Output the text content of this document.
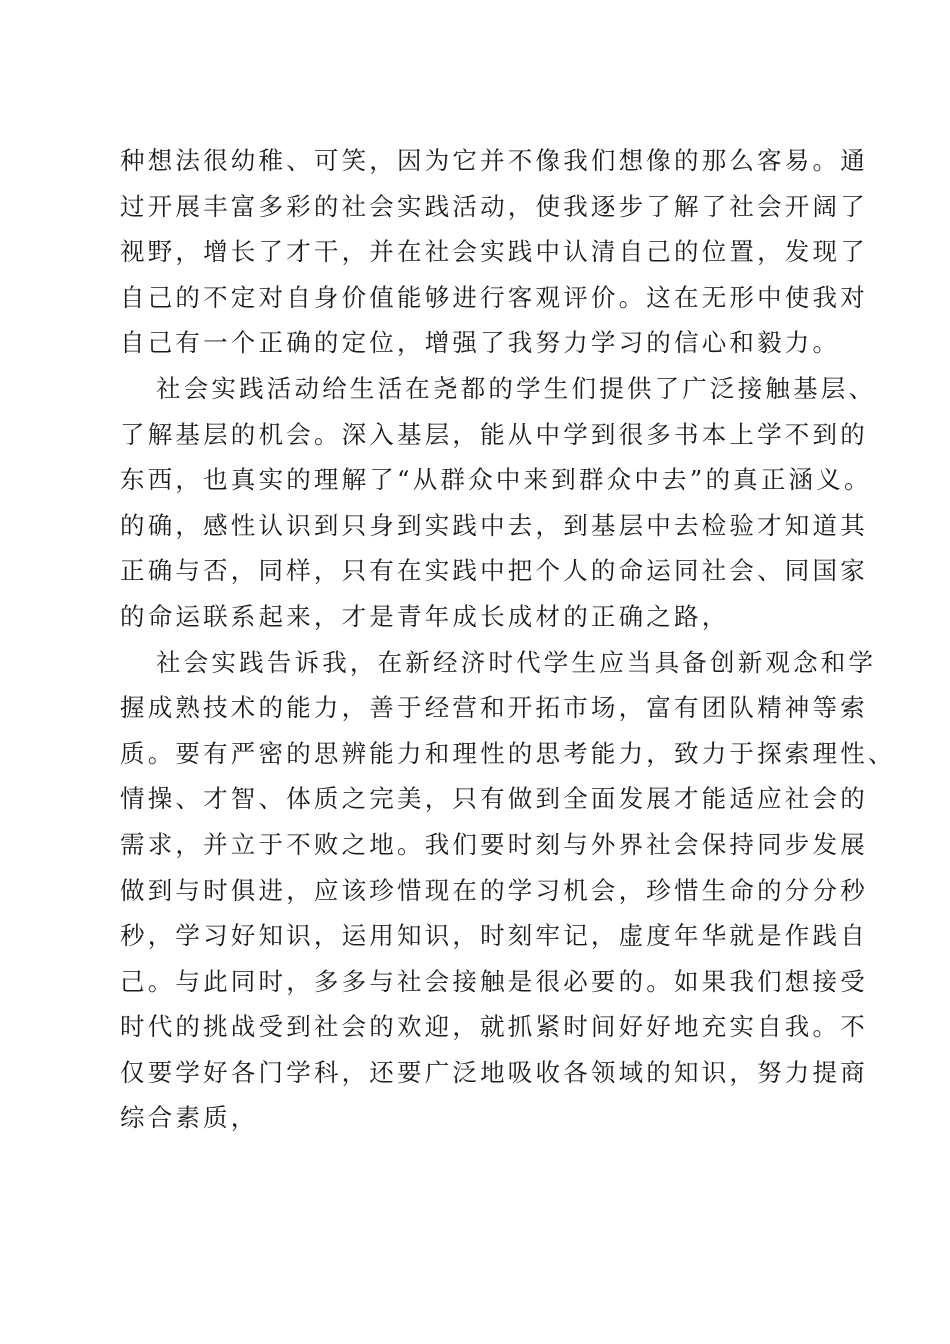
种想法很幼稚、可笑，因为它并不像我们想像的那么客易。通
过开展丰富多彩的社会实践活动，使我逐步了解了社会开阔了
视野，增长了才干，并在社会实践中认清自己的位置，发现了
自己的不定对自身价值能够进行客观评价。这在无形中使我对
自己有一个正确的定位，增强了我努力学习的信心和毅力。
社会实践活动给生活在尧都的学生们提供了广泛接触基层、
了解基层的机会。深入基层，能从中学到很多书本上学不到的
东西，也真实的理解了“从群众中来到群众中去”的真正涵义。
的确，感性认识到只身到实践中去，到基层中去检验才知道其
正确与否，同样，只有在实践中把个人的命运同社会、同国家
的命运联系起来，才是青年成长成材的正确之路，
社会实践告诉我，在新经济时代学生应当具备创新观念和学
握成熟技术的能力，善于经营和开拓市场，富有团队精神等索
质。要有严密的思辨能力和理性的思考能力，致力于探索理性、
情操、才智、体质之完美，只有做到全面发展才能适应社会的
需求，并立于不败之地。我们要时刻与外界社会保持同步发展
做到与时俱进，应该珍惜现在的学习机会，珍惜生命的分分秒
秒，学习好知识，运用知识，时刻牢记，虚度年华就是作践自
己。与此同时，多多与社会接触是很必要的。如果我们想接受
时代的挑战受到社会的欢迎，就抓紧时间好好地充实自我。不
仅要学好各门学科，还要广泛地吸收各领域的知识，努力提商
综合素质，
